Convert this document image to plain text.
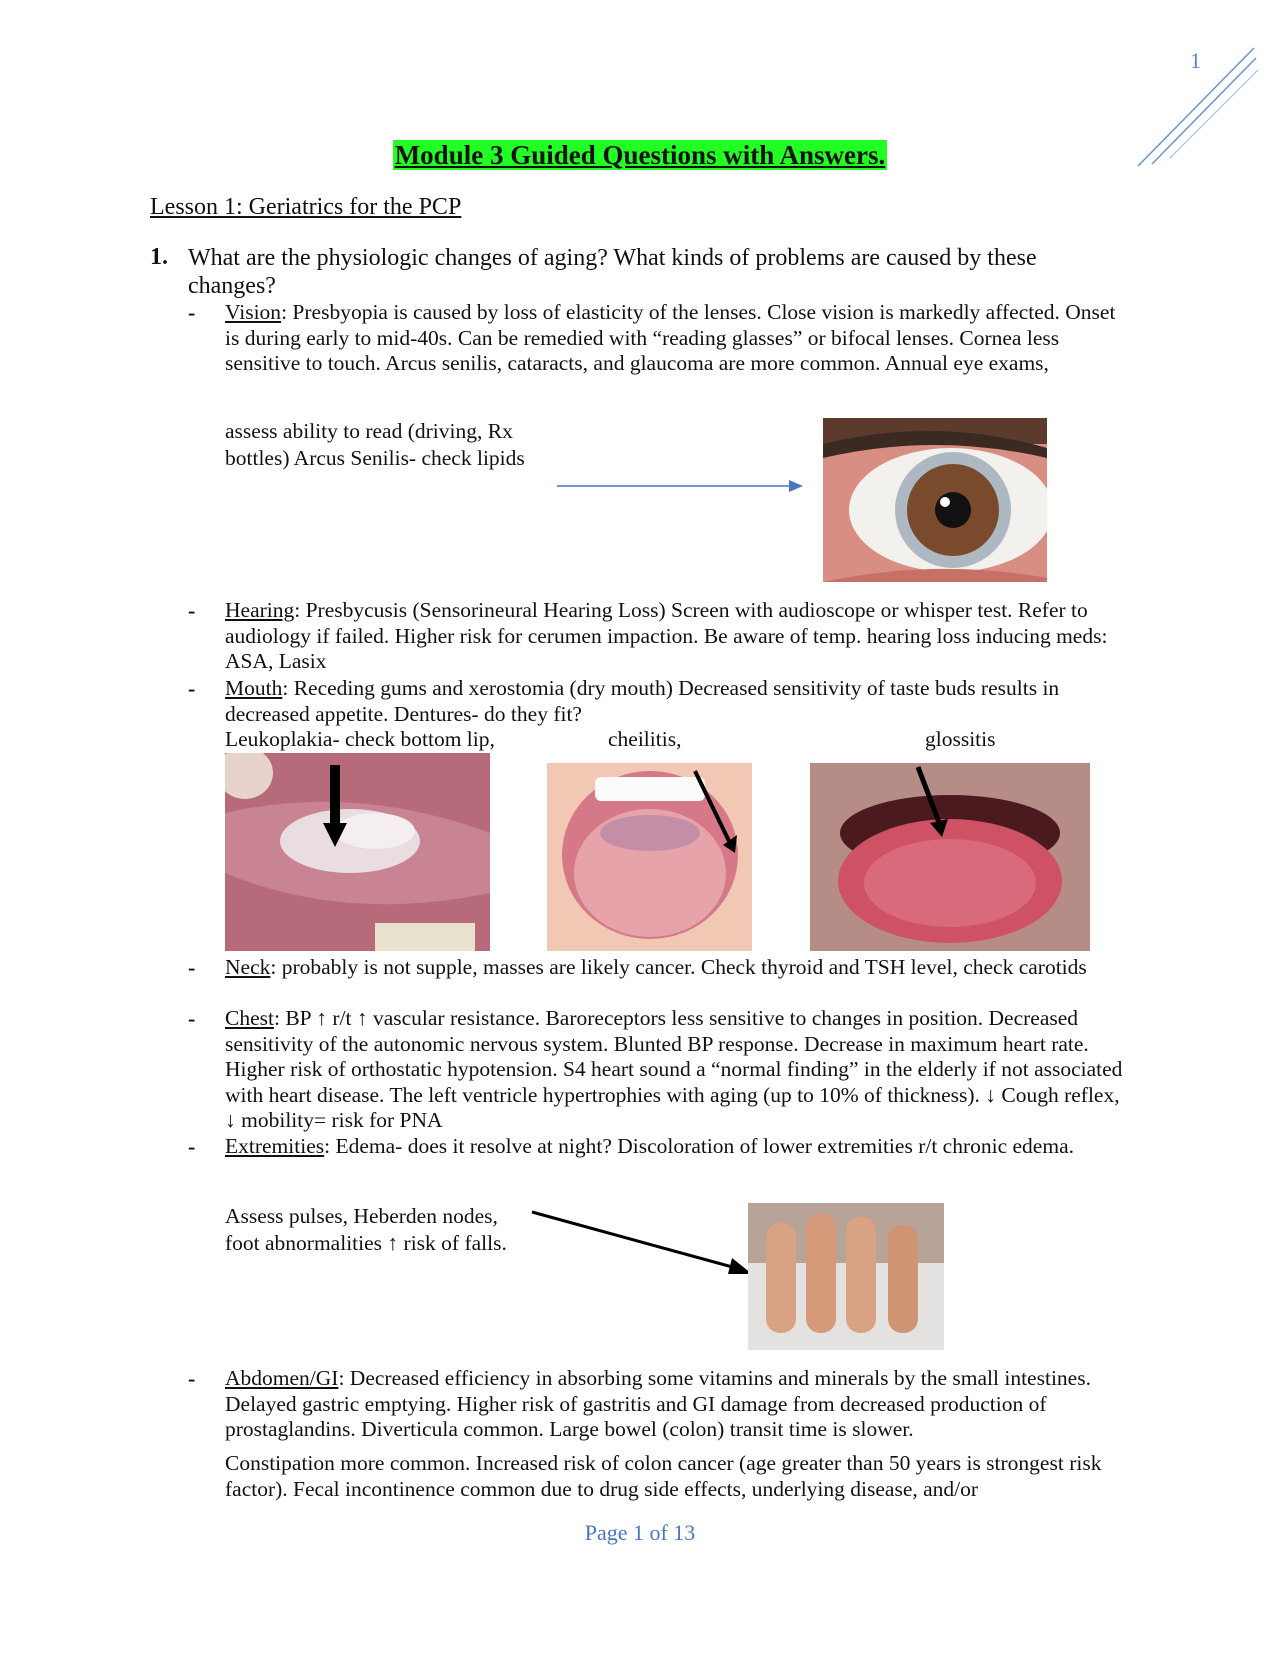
1
Module 3 Guided Questions with Answers.
Lesson 1: Geriatrics for the PCP
1. What are the physiologic changes of aging? What kinds of problems are caused by these changes?
- Vision: Presbyopia is caused by loss of elasticity of the lenses. Close vision is markedly affected. Onset is during early to mid-40s. Can be remedied with “reading glasses” or bifocal lenses. Cornea less sensitive to touch. Arcus senilis, cataracts, and glaucoma are more common. Annual eye exams,
assess ability to read (driving, Rx
bottles) Arcus Senilis- check lipids
- Hearing: Presbycusis (Sensorineural Hearing Loss) Screen with audioscope or whisper test. Refer to audiology if failed. Higher risk for cerumen impaction. Be aware of temp. hearing loss inducing meds: ASA, Lasix
- Mouth: Receding gums and xerostomia (dry mouth) Decreased sensitivity of taste buds results in decreased appetite. Dentures- do they fit?
Leukoplakia- check bottom lip,	cheilitis,	glossitis
- Neck: probably is not supple, masses are likely cancer. Check thyroid and TSH level, check carotids
- Chest: BP ↑ r/t ↑ vascular resistance. Baroreceptors less sensitive to changes in position. Decreased sensitivity of the autonomic nervous system. Blunted BP response. Decrease in maximum heart rate. Higher risk of orthostatic hypotension. S4 heart sound a “normal finding” in the elderly if not associated with heart disease. The left ventricle hypertrophies with aging (up to 10% of thickness). ↓ Cough reflex, ↓ mobility= risk for PNA
- Extremities: Edema- does it resolve at night? Discoloration of lower extremities r/t chronic edema.
Assess pulses, Heberden nodes,
foot abnormalities ↑ risk of falls.
- Abdomen/GI: Decreased efficiency in absorbing some vitamins and minerals by the small intestines. Delayed gastric emptying. Higher risk of gastritis and GI damage from decreased production of prostaglandins. Diverticula common. Large bowel (colon) transit time is slower.
Constipation more common. Increased risk of colon cancer (age greater than 50 years is strongest risk factor). Fecal incontinence common due to drug side effects, underlying disease, and/or
Page 1 of 13
